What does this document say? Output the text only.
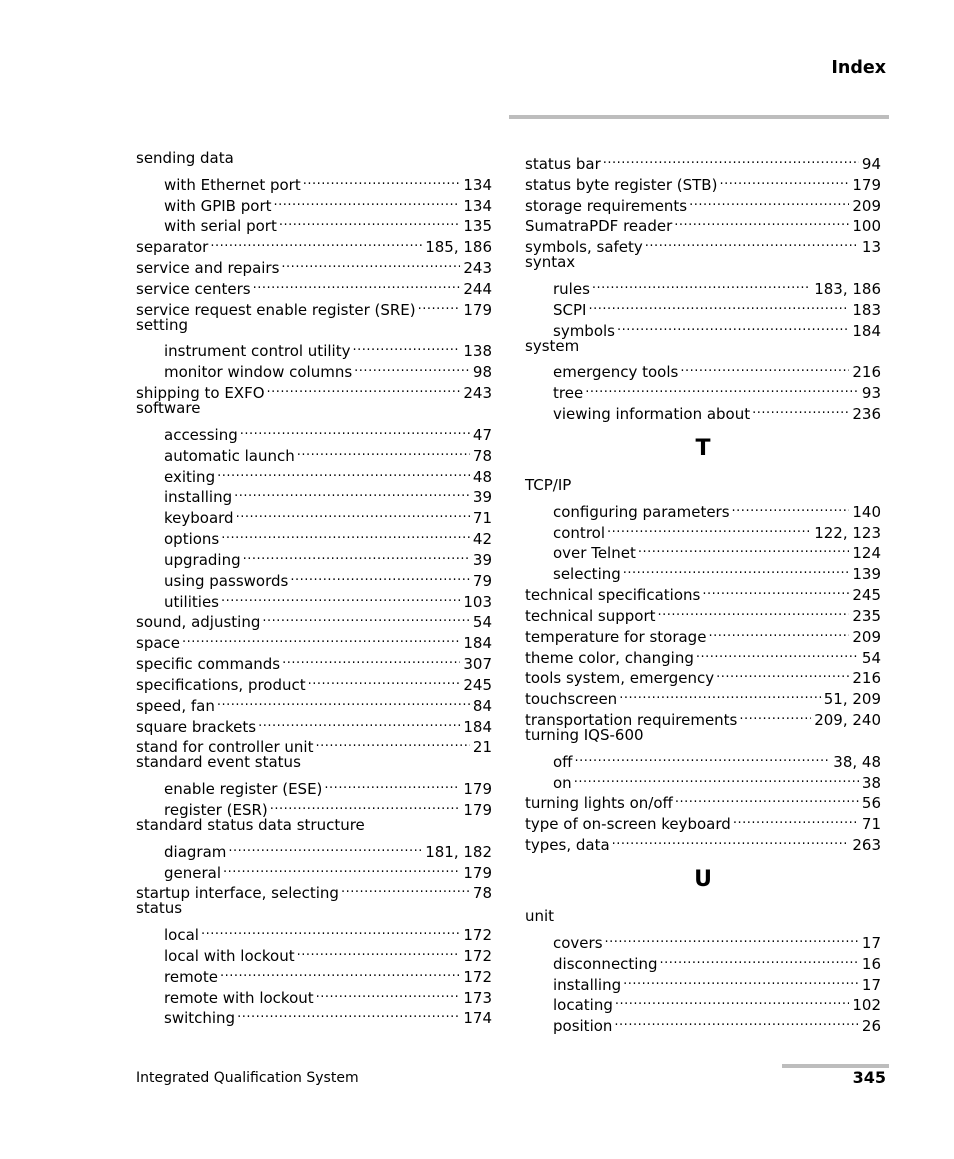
Index
sending data
with Ethernet port .....	134
with GPIB port .....	134
with serial port .....	135
separator .....	185, 186
service and repairs .....	243
service centers .....	244
service request enable register (SRE) .....	179
setting
instrument control utility .....	138
monitor window columns .....	98
shipping to EXFO .....	243
software
accessing .....	47
automatic launch .....	78
exiting .....	48
installing .....	39
keyboard .....	71
options .....	42
upgrading .....	39
using passwords .....	79
utilities .....	103
sound, adjusting .....	54
space .....	184
specific commands .....	307
specifications, product .....	245
speed, fan .....	84
square brackets .....	184
stand for controller unit .....	21
standard event status
enable register (ESE) .....	179
register (ESR) .....	179
standard status data structure
diagram .....	181, 182
general .....	179
startup interface, selecting .....	78
status
local .....	172
local with lockout .....	172
remote .....	172
remote with lockout .....	173
switching .....	174
status bar .....	94
status byte register (STB) .....	179
storage requirements .....	209
SumatraPDF reader .....	100
symbols, safety .....	13
syntax
rules .....	183, 186
SCPI .....	183
symbols .....	184
system
emergency tools .....	216
tree .....	93
viewing information about .....	236
T
TCP/IP
configuring parameters .....	140
control .....	122, 123
over Telnet .....	124
selecting .....	139
technical specifications .....	245
technical support .....	235
temperature for storage .....	209
theme color, changing .....	54
tools system, emergency .....	216
touchscreen .....	51, 209
transportation requirements .....	209, 240
turning IQS-600
off .....	38, 48
on .....	38
turning lights on/off .....	56
type of on-screen keyboard .....	71
types, data .....	263
U
unit
covers .....	17
disconnecting .....	16
installing .....	17
locating .....	102
position .....	26
Integrated Qualification System	345
